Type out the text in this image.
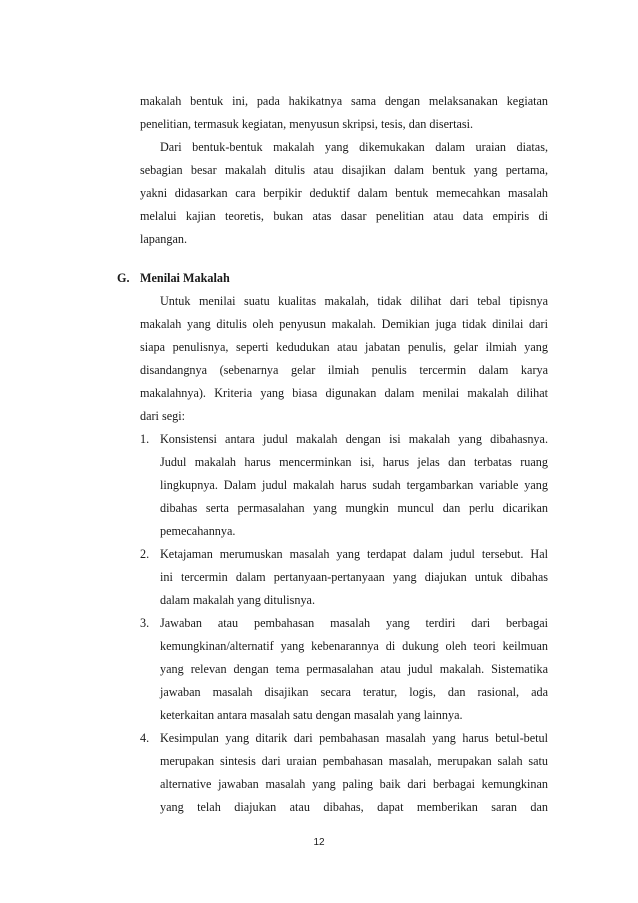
makalah bentuk ini, pada hakikatnya sama dengan melaksanakan kegiatan
penelitian, termasuk kegiatan, menyusun skripsi, tesis, dan disertasi.
Dari bentuk-bentuk makalah yang dikemukakan dalam uraian diatas,
sebagian besar makalah ditulis atau disajikan dalam bentuk yang pertama,
yakni didasarkan cara berpikir deduktif dalam bentuk memecahkan masalah
melalui kajian teoretis, bukan atas dasar penelitian atau data empiris di
lapangan.
G. Menilai Makalah
Untuk menilai suatu kualitas makalah, tidak dilihat dari tebal tipisnya
makalah yang ditulis oleh penyusun makalah. Demikian juga tidak dinilai dari
siapa penulisnya, seperti kedudukan atau jabatan penulis, gelar ilmiah yang
disandangnya (sebenarnya gelar ilmiah penulis tercermin dalam karya
makalahnya). Kriteria yang biasa digunakan dalam menilai makalah dilihat
dari segi:
1. Konsistensi antara judul makalah dengan isi makalah yang dibahasnya.
Judul makalah harus mencerminkan isi, harus jelas dan terbatas ruang
lingkupnya. Dalam judul makalah harus sudah tergambarkan variable yang
dibahas serta permasalahan yang mungkin muncul dan perlu dicarikan
pemecahannya.
2. Ketajaman merumuskan masalah yang terdapat dalam judul tersebut. Hal
ini tercermin dalam pertanyaan-pertanyaan yang diajukan untuk dibahas
dalam makalah yang ditulisnya.
3. Jawaban atau pembahasan masalah yang terdiri dari berbagai
kemungkinan/alternatif yang kebenarannya di dukung oleh teori keilmuan
yang relevan dengan tema permasalahan atau judul makalah. Sistematika
jawaban masalah disajikan secara teratur, logis, dan rasional, ada
keterkaitan antara masalah satu dengan masalah yang lainnya.
4. Kesimpulan yang ditarik dari pembahasan masalah yang harus betul-betul
merupakan sintesis dari uraian pembahasan masalah, merupakan salah satu
alternative jawaban masalah yang paling baik dari berbagai kemungkinan
yang telah diajukan atau dibahas, dapat memberikan saran dan
12
